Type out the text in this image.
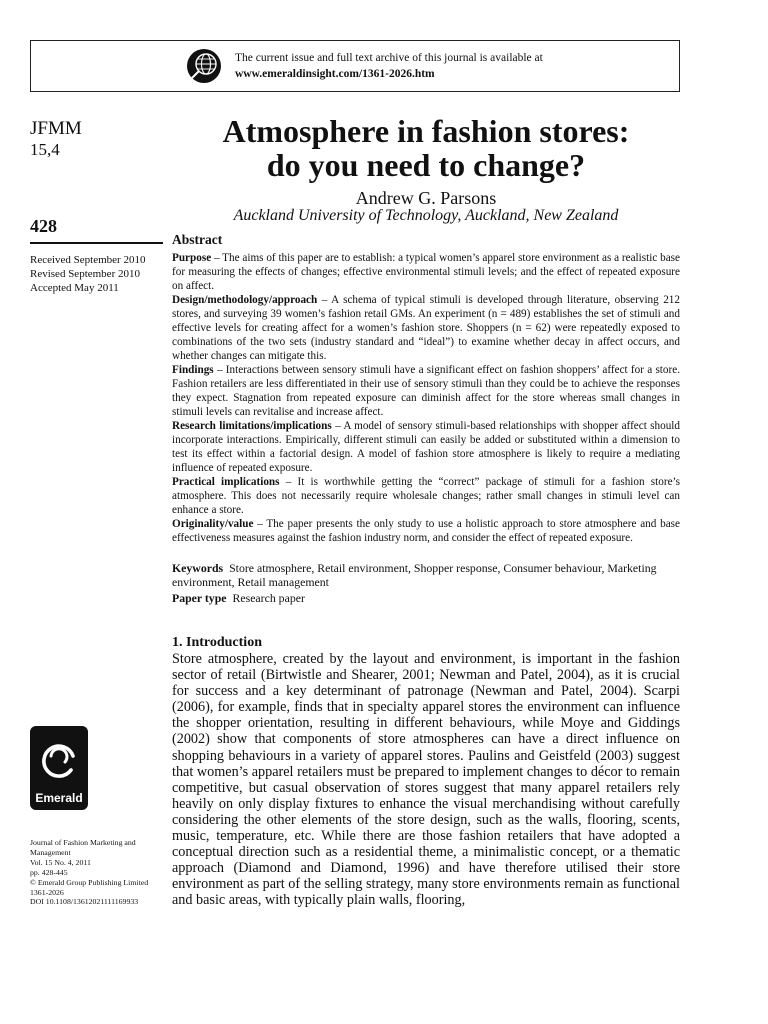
The current issue and full text archive of this journal is available at
www.emeraldinsight.com/1361-2026.htm
JFMM
15,4
428
Received September 2010
Revised September 2010
Accepted May 2011
Emerald
Journal of Fashion Marketing and Management
Vol. 15 No. 4, 2011
pp. 428-445
© Emerald Group Publishing Limited
1361-2026
DOI 10.1108/13612021111169933
Atmosphere in fashion stores:
do you need to change?
Andrew G. Parsons
Auckland University of Technology, Auckland, New Zealand
Abstract

Purpose – The aims of this paper are to establish: a typical women’s apparel store environment as a realistic base for measuring the effects of changes; effective environmental stimuli levels; and the effect of repeated exposure on affect.

Design/methodology/approach – A schema of typical stimuli is developed through literature, observing 212 stores, and surveying 39 women’s fashion retail GMs. An experiment (n = 489) establishes the set of stimuli and effective levels for creating affect for a women’s fashion store. Shoppers (n = 62) were repeatedly exposed to combinations of the two sets (industry standard and “ideal”) to examine whether decay in affect occurs, and whether changes can mitigate this.

Findings – Interactions between sensory stimuli have a significant effect on fashion shoppers’ affect for a store. Fashion retailers are less differentiated in their use of sensory stimuli than they could be to achieve the responses they expect. Stagnation from repeated exposure can diminish affect for the store whereas small changes in stimuli levels can revitalise and increase affect.

Research limitations/implications – A model of sensory stimuli-based relationships with shopper affect should incorporate interactions. Empirically, different stimuli can easily be added or substituted within a dimension to test its effect within a factorial design. A model of fashion store atmosphere is likely to require a mediating influence of repeated exposure.

Practical implications – It is worthwhile getting the “correct” package of stimuli for a fashion store’s atmosphere. This does not necessarily require wholesale changes; rather small changes in stimuli level can enhance a store.

Originality/value – The paper presents the only study to use a holistic approach to store atmosphere and base effectiveness measures against the fashion industry norm, and consider the effect of repeated exposure.

Keywords Store atmosphere, Retail environment, Shopper response, Consumer behaviour, Marketing environment, Retail management
Paper type Research paper
1. Introduction
Store atmosphere, created by the layout and environment, is important in the fashion sector of retail (Birtwistle and Shearer, 2001; Newman and Patel, 2004), as it is crucial for success and a key determinant of patronage (Newman and Patel, 2004). Scarpi (2006), for example, finds that in specialty apparel stores the environment can influence the shopper orientation, resulting in different behaviours, while Moye and Giddings (2002) show that components of store atmospheres can have a direct influence on shopping behaviours in a variety of apparel stores. Paulins and Geistfeld (2003) suggest that women’s apparel retailers must be prepared to implement changes to décor to remain competitive, but casual observation of stores suggest that many apparel retailers rely heavily on only display fixtures to enhance the visual merchandising without carefully considering the other elements of the store design, such as the walls, flooring, scents, music, temperature, etc. While there are those fashion retailers that have adopted a conceptual direction such as a residential theme, a minimalistic concept, or a thematic approach (Diamond and Diamond, 1996) and have therefore utilised their store environment as part of the selling strategy, many store environments remain as functional and basic areas, with typically plain walls, flooring,
